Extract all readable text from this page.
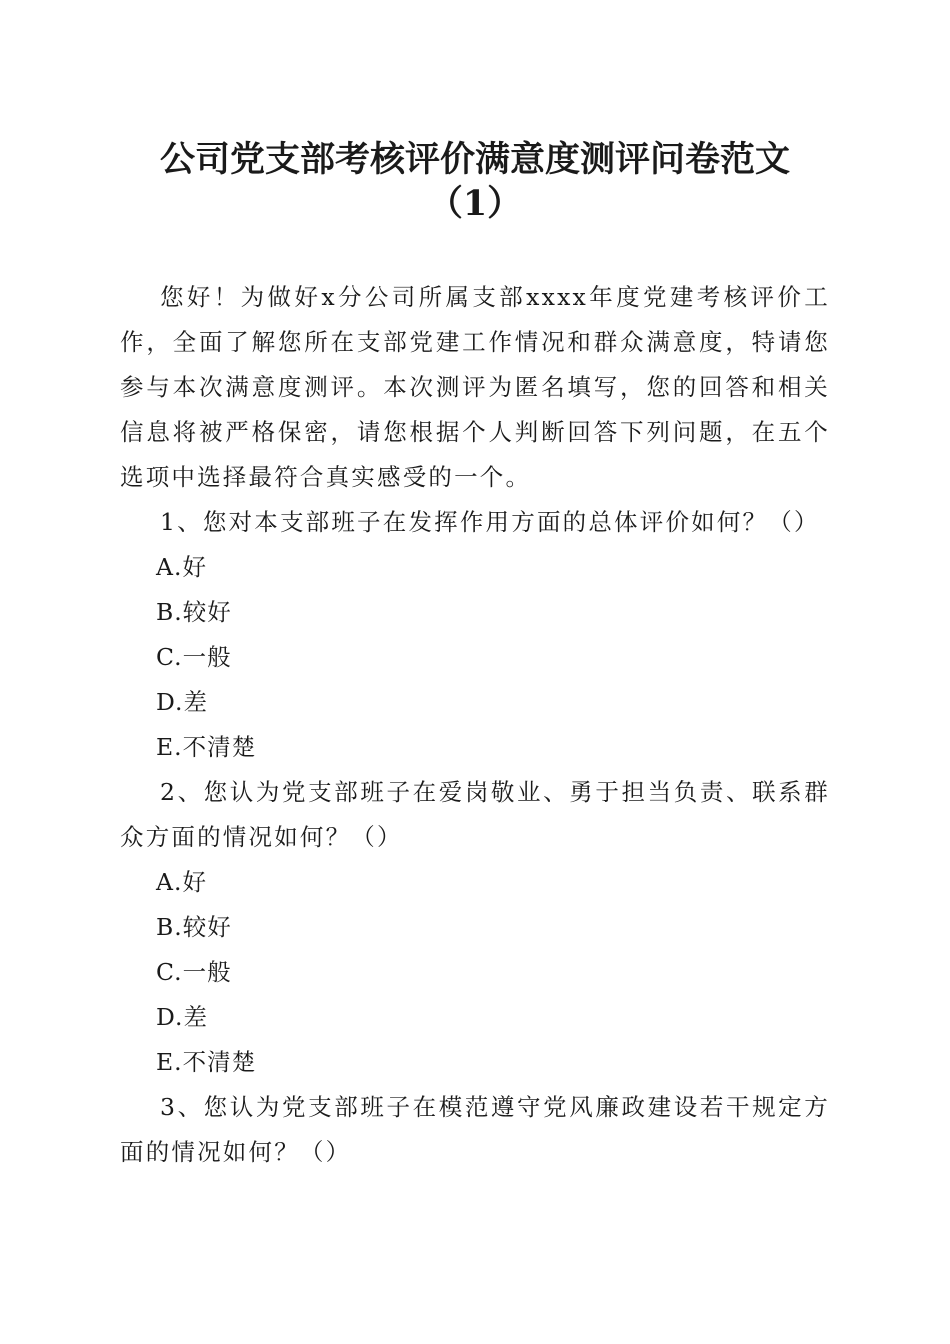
公司党支部考核评价满意度测评问卷范文
（1）

您好！为做好x分公司所属支部xxxx年度党建考核评价工作，全面了解您所在支部党建工作情况和群众满意度，特请您参与本次满意度测评。本次测评为匿名填写，您的回答和相关信息将被严格保密，请您根据个人判断回答下列问题，在五个选项中选择最符合真实感受的一个。

1、您对本支部班子在发挥作用方面的总体评价如何？（）

A.好

B.较好

C.一般

D.差

E.不清楚

2、您认为党支部班子在爱岗敬业、勇于担当负责、联系群众方面的情况如何？（）

A.好

B.较好

C.一般

D.差

E.不清楚

3、您认为党支部班子在模范遵守党风廉政建设若干规定方面的情况如何？（）
